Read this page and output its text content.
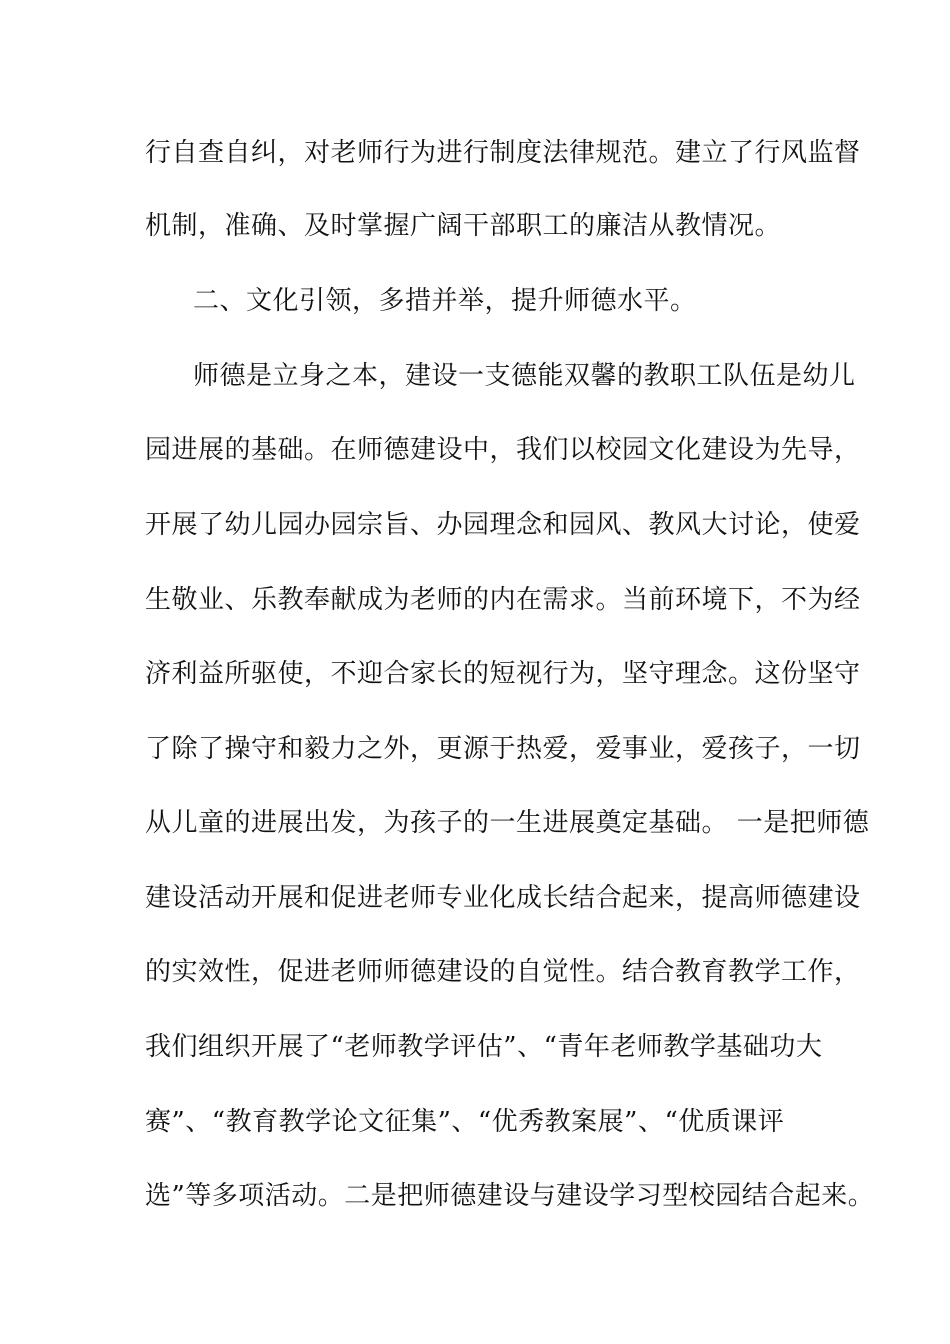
行自查自纠，对老师行为进行制度法律规范。建立了行风监督
机制，准确、及时掌握广阔干部职工的廉洁从教情况。
二、文化引领，多措并举，提升师德水平。
师德是立身之本，建设一支德能双馨的教职工队伍是幼儿
园进展的基础。在师德建设中，我们以校园文化建设为先导，
开展了幼儿园办园宗旨、办园理念和园风、教风大讨论，使爱
生敬业、乐教奉献成为老师的内在需求。当前环境下，不为经
济利益所驱使，不迎合家长的短视行为，坚守理念。这份坚守
了除了操守和毅力之外，更源于热爱，爱事业，爱孩子，一切
从儿童的进展出发，为孩子的一生进展奠定基础。 一是把师德
建设活动开展和促进老师专业化成长结合起来，提高师德建设
的实效性，促进老师师德建设的自觉性。结合教育教学工作，
我们组织开展了“老师教学评估”、“青年老师教学基础功大
赛”、“教育教学论文征集”、“优秀教案展”、“优质课评
选”等多项活动。二是把师德建设与建设学习型校园结合起来。
